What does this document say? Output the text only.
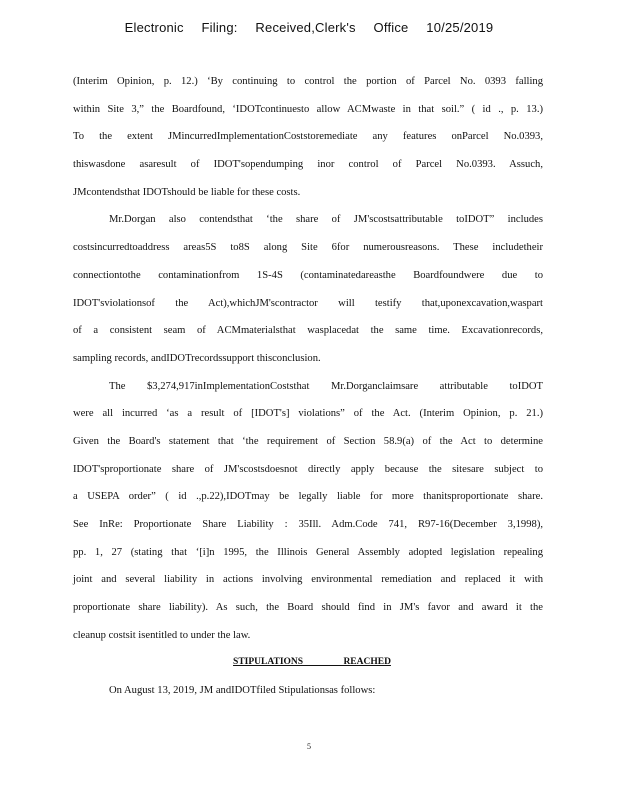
Electronic Filing: Received,Clerk's Office 10/25/2019
(Interim Opinion, p. 12.) ‘By continuing to control the portion of Parcel No. 0393 falling
within Site 3,” the Boardfound, ‘IDOTcontinuesto allow ACMwaste in that soil.” ( id ., p. 13.)
To the extent JMincurredImplementationCoststoremediate any features onParcel No.0393,
thiswasdone asaresult of IDOT'sopendumping inor control of Parcel No.0393. Assuch,
JMcontendsthat IDOTshould be liable for these costs.
Mr.Dorgan also contendsthat ‘the share of JM'scostsattributable toIDOT” includes
costsincurredtoaddress areas5S to8S along Site 6for numerousreasons. These includetheir
connectiontothe contaminationfrom 1S-4S (contaminatedareasthe Boardfoundwere due to
IDOT'sviolationsof the Act),whichJM'scontractor will testify that,uponexcavation,waspart
of a consistent seam of ACMmaterialsthat wasplacedat the same time. Excavationrecords,
sampling records, andIDOTrecordssupport thisconclusion.
The $3,274,917inImplementationCoststhat Mr.Dorganclaimsare attributable toIDOT
were all incurred ‘as a result of [IDOT's] violations” of the Act. (Interim Opinion, p. 21.)
Given the Board's statement that ‘the requirement of Section 58.9(a) of the Act to determine
IDOT'sproportionate share of JM'scostsdoesnot directly apply because the sitesare subject to
a USEPA order” ( id .,p.22),IDOTmay be legally liable for more thanitsproportionate share.
See InRe: Proportionate Share Liability : 35Ill. Adm.Code 741, R97-16(December 3,1998),
pp. 1, 27 (stating that ‘[i]n 1995, the Illinois General Assembly adopted legislation repealing
joint and several liability in actions involving environmental remediation and replaced it with
proportionate share liability). As such, the Board should find in JM's favor and award it the
cleanup costsit isentitled to under the law.
STIPULATIONS REACHED
On August 13, 2019, JM andIDOTfiled Stipulationsas follows:
5
